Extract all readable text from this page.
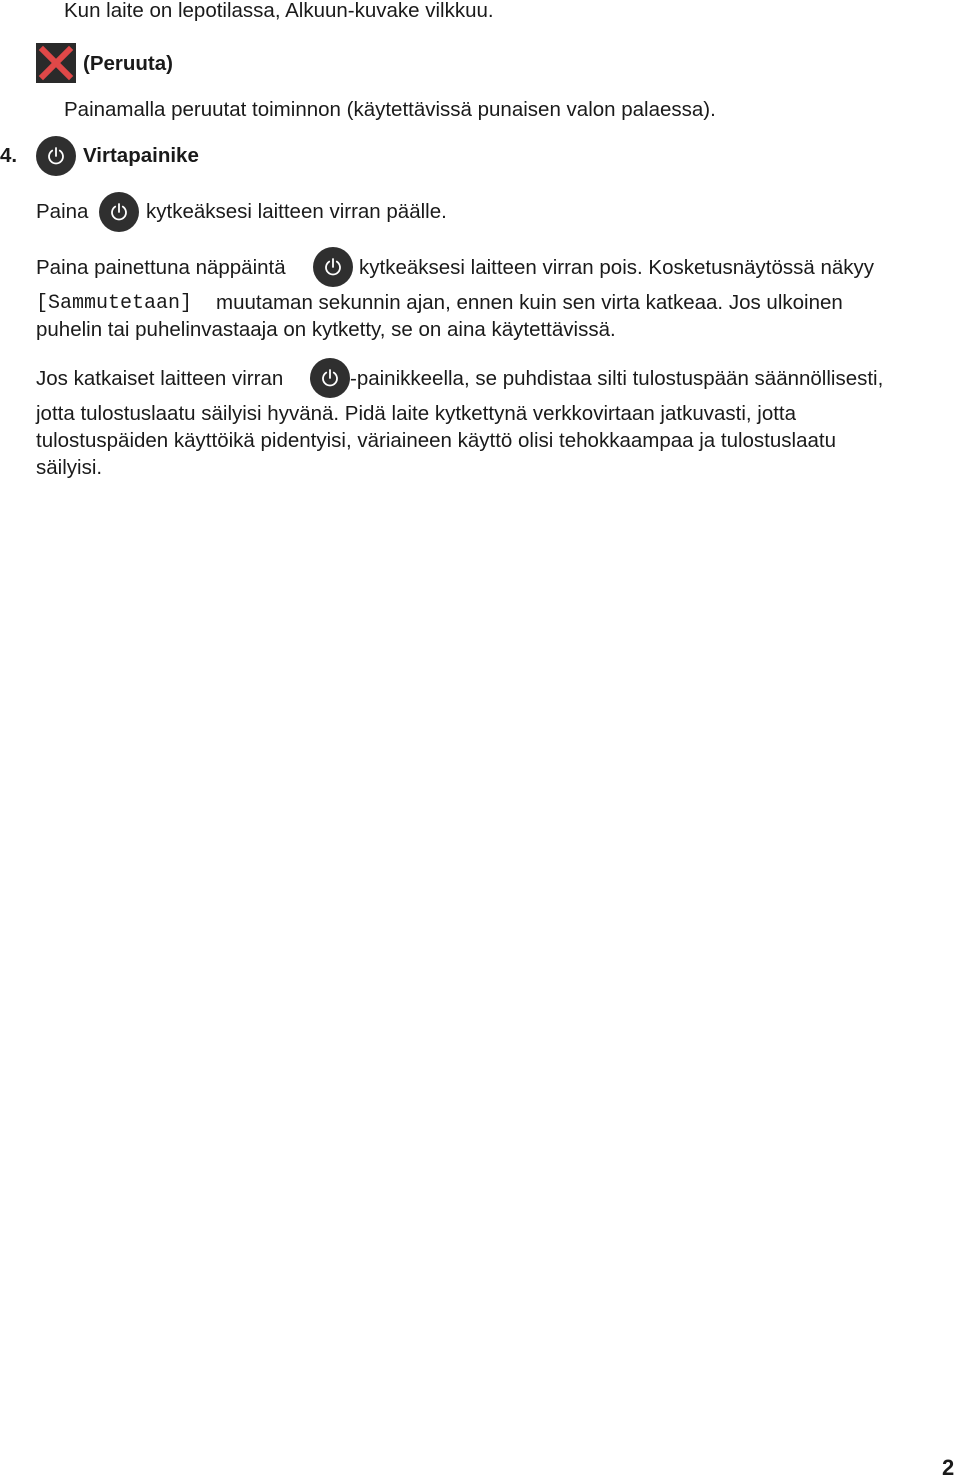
Kun laite on lepotilassa, Alkuun-kuvake vilkkuu.
(Peruuta)
Painamalla peruutat toiminnon (käytettävissä punaisen valon palaessa).
4.	Virtapainike
Paina	kytkeäksesi laitteen virran päälle.
Paina painettuna näppäintä	kytkeäksesi laitteen virran pois. Kosketusnäytössä näkyy
[Sammutetaan] muutaman sekunnin ajan, ennen kuin sen virta katkeaa. Jos ulkoinen
puhelin tai puhelinvastaaja on kytketty, se on aina käytettävissä.
Jos katkaiset laitteen virran	-painikkeella, se puhdistaa silti tulostuspään säännöllisesti,
jotta tulostuslaatu säilyisi hyvänä. Pidä laite kytkettynä verkkovirtaan jatkuvasti, jotta
tulostuspäiden käyttöikä pidentyisi, väriaineen käyttö olisi tehokkaampaa ja tulostuslaatu
säilyisi.
2
